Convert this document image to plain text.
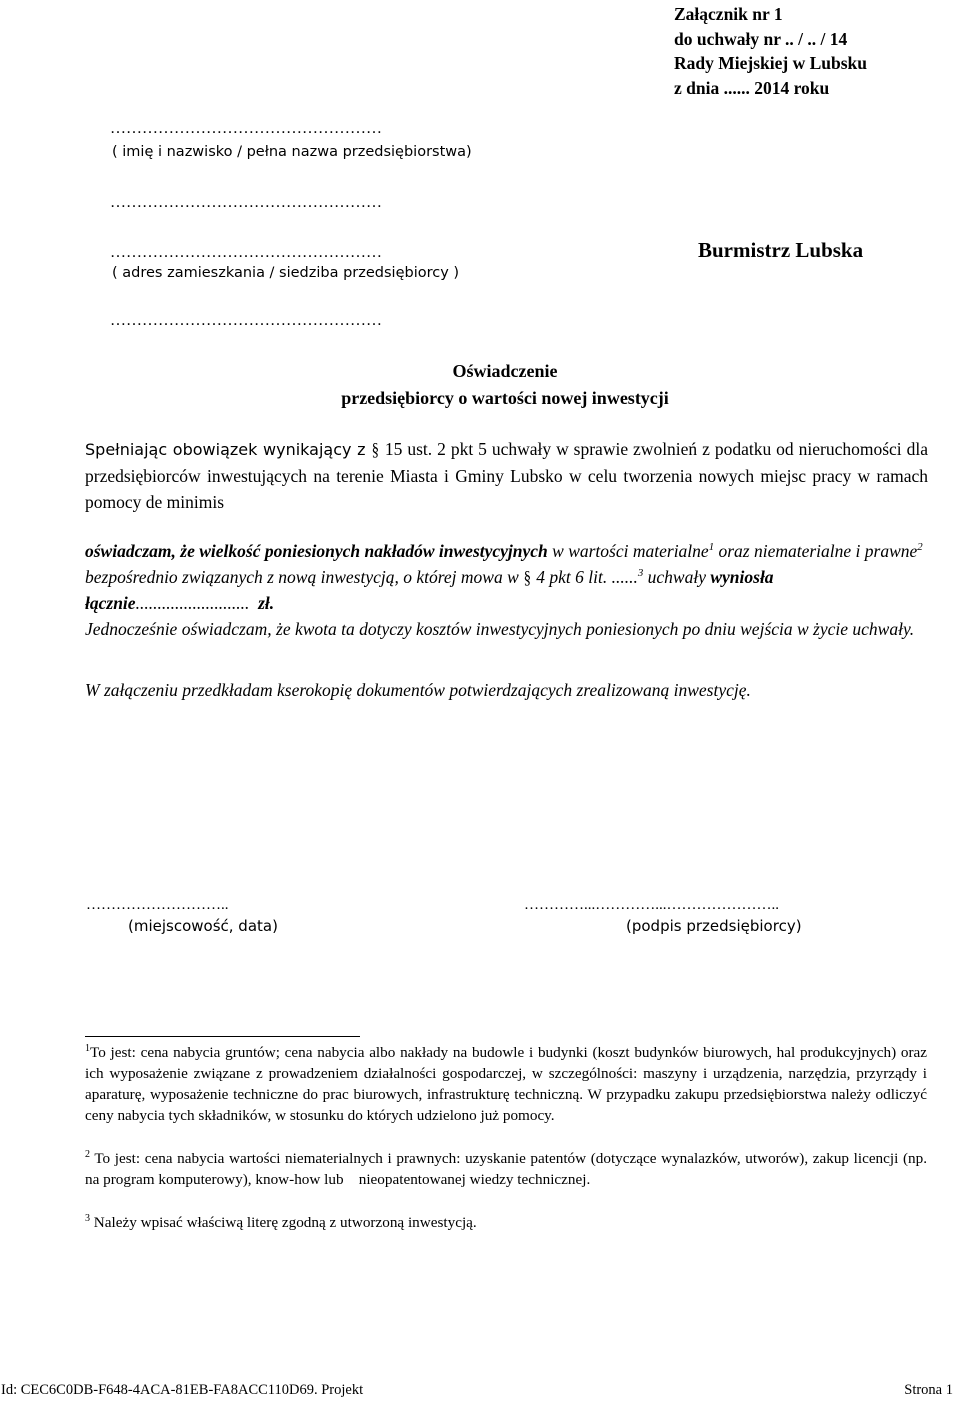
Załącznik nr 1
do uchwały nr .. / .. / 14
Rady Miejskiej w Lubsku
z dnia ...... 2014 roku
……………………………………………
( imię i nazwisko / pełna nazwa przedsiębiorstwa)
……………………………………………
……………………………………………
( adres zamieszkania / siedziba przedsiębiorcy )
……………………………………………
Burmistrz Lubska
Oświadczenie
przedsiębiorcy o wartości nowej inwestycji
Spełniając obowiązek wynikający z § 15 ust. 2 pkt 5 uchwały w sprawie zwolnień z podatku od nieruchomości dla przedsiębiorców inwestujących na terenie Miasta i Gminy Lubsko w celu tworzenia nowych miejsc pracy w ramach pomocy de minimis
oświadczam, że wielkość poniesionych nakładów inwestycyjnych w wartości materialne$^1$ oraz niematerialne i prawne$^2$ bezpośrednio związanych z nową inwestycją, o której mowa w § 4 pkt 6 lit. ......$^3$ uchwały wyniosła łącznie..........................  zł.
Jednocześnie oświadczam, że kwota ta dotyczy kosztów inwestycyjnych poniesionych po dniu wejścia w życie uchwały.
W załączeniu przedkładam kserokopię dokumentów potwierdzających zrealizowaną inwestycję.
………………………..
(miejscowość, data)
…………...…………...…………………..
(podpis przedsiębiorcy)
$^1$To jest: cena nabycia gruntów; cena nabycia albo nakłady na budowle i budynki (koszt budynków biurowych, hal produkcyjnych) oraz ich wyposażenie związane z prowadzeniem działalności gospodarczej, w szczególności: maszyny i urządzenia, narzędzia, przyrządy i aparaturę, wyposażenie techniczne do prac biurowych, infrastrukturę techniczną. W przypadku zakupu przedsiębiorstwa należy odliczyć ceny nabycia tych składników, w stosunku do których udzielono już pomocy.
$^2$ To jest: cena nabycia wartości niematerialnych i prawnych: uzyskanie patentów (dotyczące wynalazków, utworów), zakup licencji (np. na program komputerowy), know-how lub    nieopatentowanej wiedzy technicznej.
$^3$ Należy wpisać właściwą literę zgodną z utworzoną inwestycją.
Id: CEC6C0DB-F648-4ACA-81EB-FA8ACC110D69. Projekt	Strona 1
